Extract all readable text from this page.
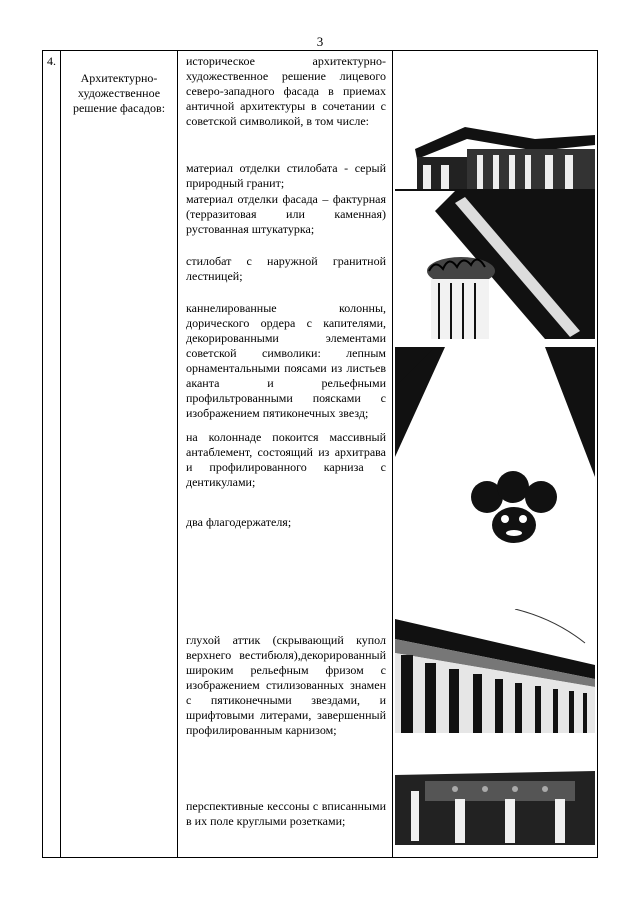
3
4.
Архитектурно-художественное решение фасадов:
историческое архитектурно-художественное решение лицевого северо-западного фасада в приемах античной архитектуры в сочетании с советской символикой, в том числе:
материал отделки стилобата - серый природный гранит;
материал отделки фасада – фактурная (терразитовая или каменная) рустованная штукатурка;
стилобат с наружной гранитной лестницей;
каннелированные колонны, дорического ордера с капителями, декорированными элементами советской символики: лепным орнаментальными поясами из листьев аканта и рельефными профильтрованными поясками с изображением пятиконечных звезд;
на колоннаде покоится массивный антаблемент, состоящий из архитрава и профилированного карниза с дентикулами;
два флагодержателя;
глухой аттик (скрывающий купол верхнего вестибюля),декорированный широким рельефным фризом с изображением стилизованных знамен с пятиконечными звездами, и шрифтовыми литерами, завершенный профилированным карнизом;
перспективные кессоны с вписанными в их поле круглыми розетками;
